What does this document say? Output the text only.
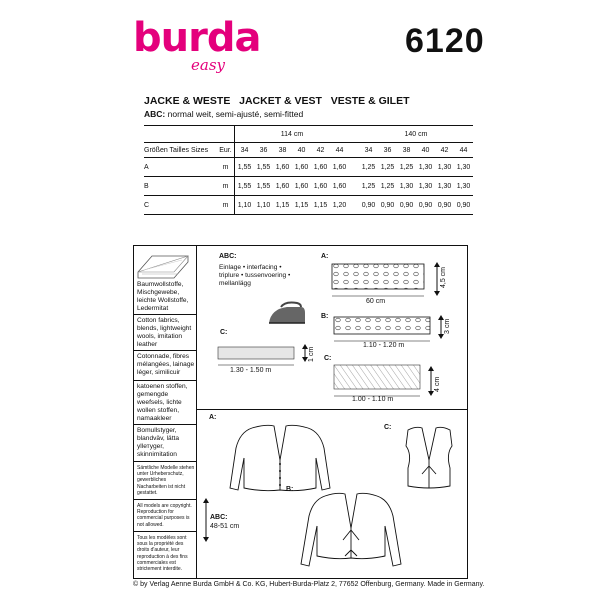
burda
easy
6120
JACKE & WESTE JACKET & VEST VESTE & GILET
ABC: normal weit, semi-ajusté, semi-fitted
		114 cm							140 cm					
Größen Tailles Sizes	Eur.	34	36	38	40	42	44		34	36	38	40	42	44
A	m	1,55	1,55	1,60	1,60	1,60	1,60		1,25	1,25	1,25	1,30	1,30	1,30
B	m	1,55	1,55	1,60	1,60	1,60	1,60		1,25	1,25	1,30	1,30	1,30	1,30
C	m	1,10	1,10	1,15	1,15	1,15	1,20		0,90	0,90	0,90	0,90	0,90	0,90
Baumwollstoffe, Mischgewebe, leichte Wollstoffe, Ledermitat
Cotton fabrics, blends, lightweight wools, imitation leather
Cotonnade, fibres mélangées, lainage léger, similicuir
katoenen stoffen, gemengde weefsels, lichte wollen stoffen, namaakleer
Bomullstyger, blandväv, lätta yllетyger, skinnimitation
Sämtliche Modelle stehen unter Urheberschutz, gewerbliches Nacharbeiten ist nicht gestattet.
All models are copyright. Reproduction for commercial purposes is not allowed.
Tous les modèles sont sous la propriété des droits d'auteur, leur reproduction à des fins commerciales est strictement interdite.
ABC:
Einlage • interfacing • triplure • tussenvoering • mellanlägg
A:
60 cm
4,5 cm
B:
1.10 - 1.20 m
3 cm
C:
1.30 - 1.50 m
1 cm C:
1.00 - 1.10 m
4 cm
A:
C:
B:
ABC:
48-51 cm
© by Verlag Aenne Burda GmbH & Co. KG, Hubert-Burda-Platz 2, 77652 Offenburg, Germany. Made in Germany.
